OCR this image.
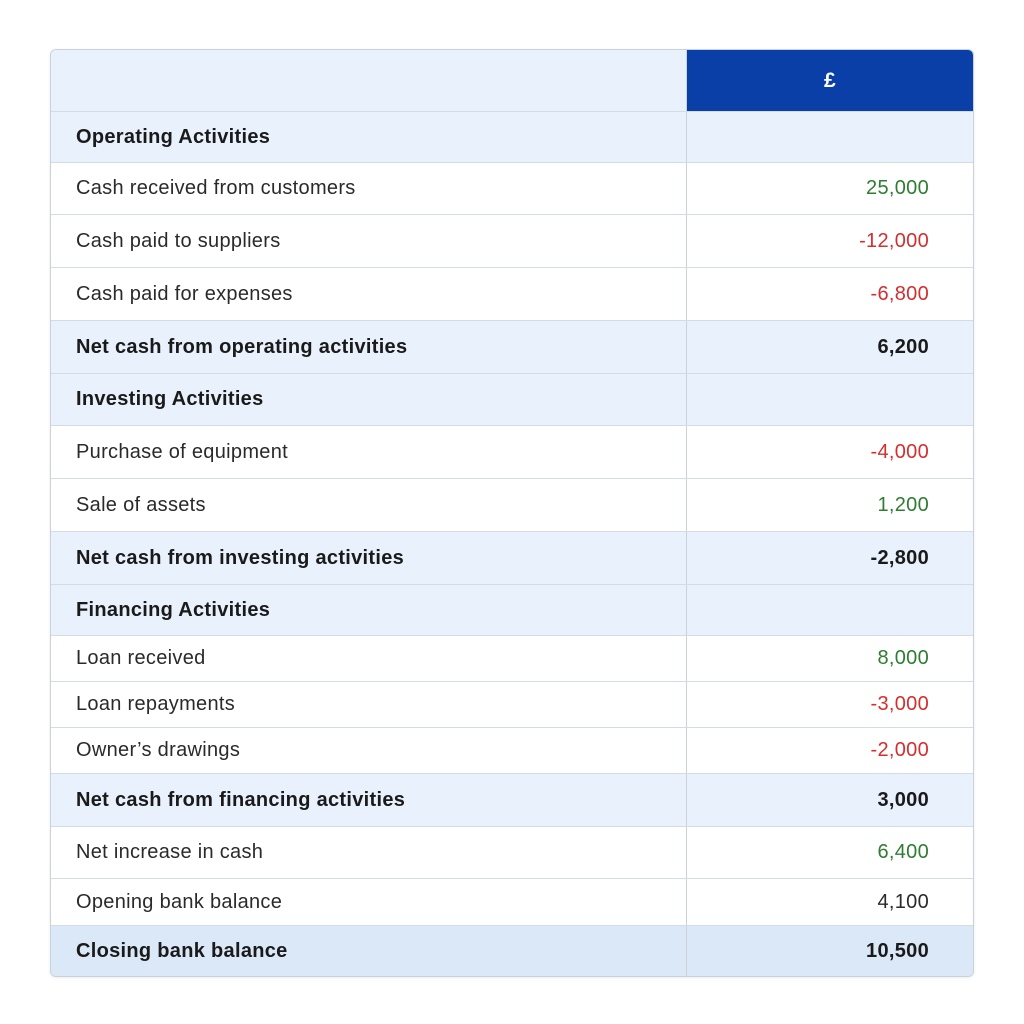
£
Operating Activities
Cash received from customers	25,000
Cash paid to suppliers	-12,000
Cash paid for expenses	-6,800
Net cash from operating activities	6,200
Investing Activities
Purchase of equipment	-4,000
Sale of assets	1,200
Net cash from investing activities	-2,800
Financing Activities
Loan received	8,000
Loan repayments	-3,000
Owner’s drawings	-2,000
Net cash from financing activities	3,000
Net increase in cash	6,400
Opening bank balance	4,100
Closing bank balance	10,500
